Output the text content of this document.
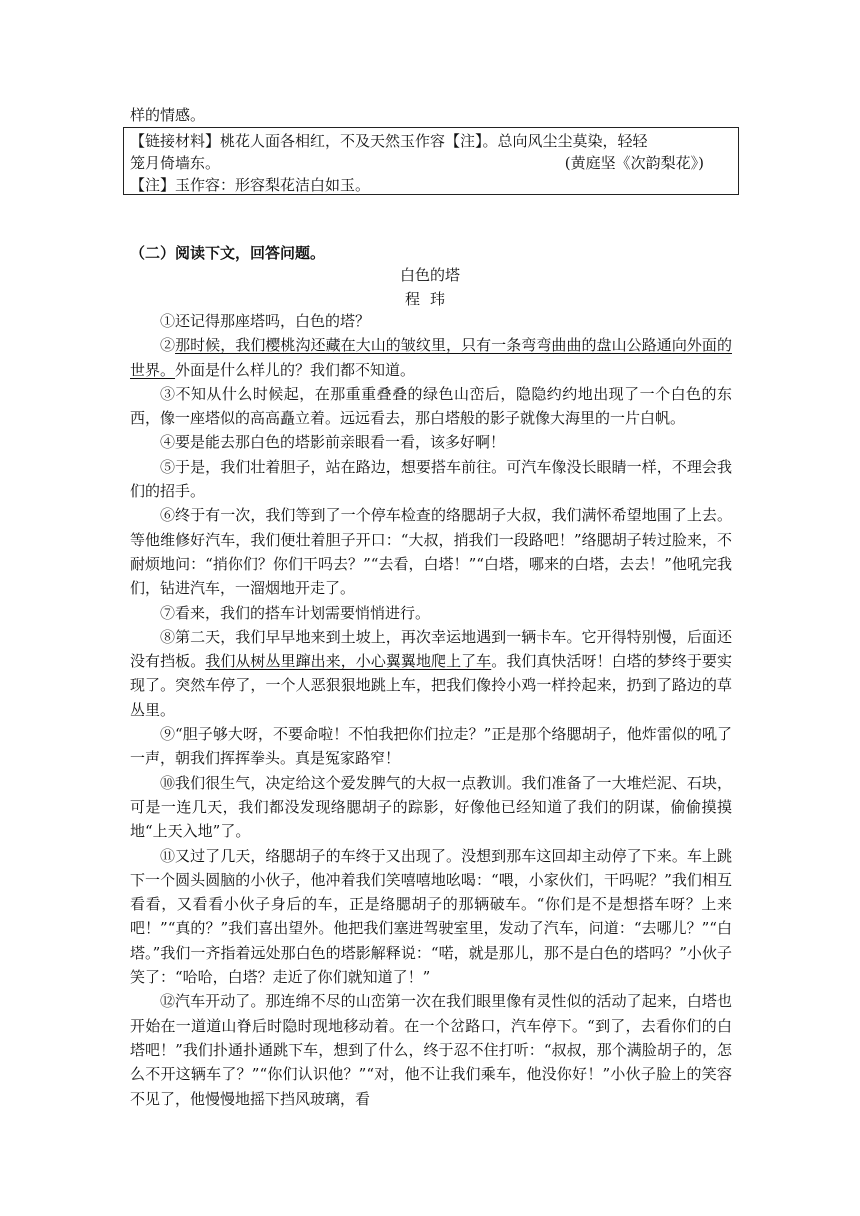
样的情感。
【链接材料】桃花人面各相红，不及天然玉作容【注】。总向风尘尘莫染，轻轻
笼月倚墙东。	(黄庭坚《次韵梨花》)
【注】玉作容：形容梨花洁白如玉。
（二）阅读下文，回答问题。
白色的塔
程玮

①还记得那座塔吗，白色的塔？

②那时候，我们樱桃沟还藏在大山的皱纹里，只有一条弯弯曲曲的盘山公路通向外面的世界。外面是什么样儿的？我们都不知道。

③不知从什么时候起，在那重重叠叠的绿色山峦后，隐隐约约地出现了一个白色的东西，像一座塔似的高高矗立着。远远看去，那白塔般的影子就像大海里的一片白帆。

④要是能去那白色的塔影前亲眼看一看，该多好啊！

⑤于是，我们壮着胆子，站在路边，想要搭车前往。可汽车像没长眼睛一样，不理会我们的招手。

⑥终于有一次，我们等到了一个停车检查的络腮胡子大叔，我们满怀希望地围了上去。等他维修好汽车，我们便壮着胆子开口：“大叔，捎我们一段路吧！”络腮胡子转过脸来，不耐烦地问：“捎你们？你们干吗去？”“去看，白塔！”“白塔，哪来的白塔，去去！”他吼完我们，钻进汽车，一溜烟地开走了。

⑦看来，我们的搭车计划需要悄悄进行。

⑧第二天，我们早早地来到土坡上，再次幸运地遇到一辆卡车。它开得特别慢，后面还没有挡板。我们从树丛里蹿出来，小心翼翼地爬上了车。我们真快活呀！白塔的梦终于要实现了。突然车停了，一个人恶狠狠地跳上车，把我们像拎小鸡一样拎起来，扔到了路边的草丛里。

⑨“胆子够大呀，不要命啦！不怕我把你们拉走？”正是那个络腮胡子，他炸雷似的吼了一声，朝我们挥挥拳头。真是冤家路窄！

⑩我们很生气，决定给这个爱发脾气的大叔一点教训。我们准备了一大堆烂泥、石块，可是一连几天，我们都没发现络腮胡子的踪影，好像他已经知道了我们的阴谋，偷偷摸摸地“上天入地”了。

⑪又过了几天，络腮胡子的车终于又出现了。没想到那车这回却主动停了下来。车上跳下一个圆头圆脑的小伙子，他冲着我们笑嘻嘻地吆喝：“喂，小家伙们，干吗呢？”我们相互看看，又看看小伙子身后的车，正是络腮胡子的那辆破车。“你们是不是想搭车呀？上来吧！”“真的？”我们喜出望外。他把我们塞进驾驶室里，发动了汽车，问道：“去哪儿？”“白塔。”我们一齐指着远处那白色的塔影解释说：“喏，就是那儿，那不是白色的塔吗？”小伙子笑了：“哈哈，白塔？走近了你们就知道了！”

⑫汽车开动了。那连绵不尽的山峦第一次在我们眼里像有灵性似的活动了起来，白塔也开始在一道道山脊后时隐时现地移动着。在一个岔路口，汽车停下。“到了，去看你们的白塔吧！”我们扑通扑通跳下车，想到了什么，终于忍不住打听：“叔叔，那个满脸胡子的，怎么不开这辆车了？”“你们认识他？”“对，他不让我们乘车，他没你好！”小伙子脸上的笑容不见了，他慢慢地摇下挡风玻璃，看
